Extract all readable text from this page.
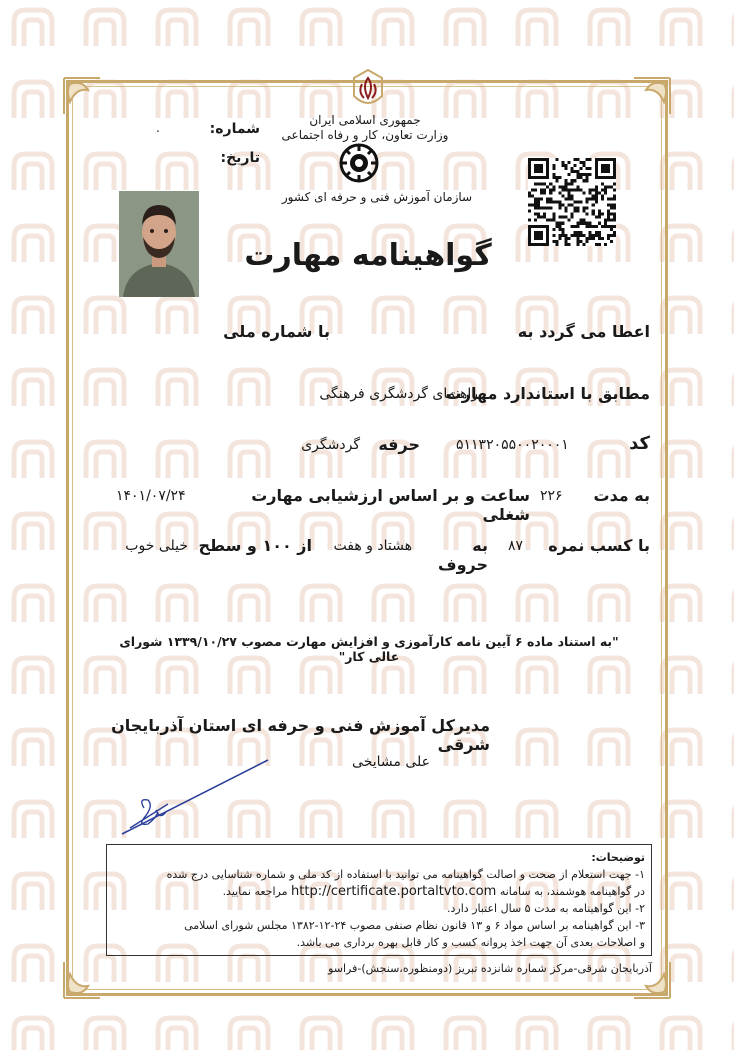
جمهوری اسلامی ایران
وزارت تعاون، کار و رفاه اجتماعی
شماره:
.
تاریخ:
سازمان آموزش فنی و حرفه ای کشور
گواهینامه مهارت
اعطا می گردد به
با شماره ملی
مطابق با استاندارد مهارت
راهنمای گردشگری فرهنگی
کد
۵۱۱۳۲۰۵۵۰۰۲۰۰۰۱
حرفه
گردشگری
به مدت
۲۲۶
ساعت و بر اساس ارزشیابی مهارت شغلی
۱۴۰۱/۰۷/۲۴
با کسب نمره
۸۷
به حروف
هشتاد و هفت
از ۱۰۰ و سطح
خیلی خوب
"به استناد ماده ۶ آیین نامه کارآموزی و افزایش مهارت مصوب ۱۳۳۹/۱۰/۲۷ شورای عالی کار"
مدیرکل آموزش فنی و حرفه ای استان آذربایجان شرقی
علی مشایخی
توضیحات:
۱- جهت استعلام از صحت و اصالت گواهینامه می توانید با استفاده از کد ملی و شماره شناسایی درج شده
در گواهینامه هوشمند، به سامانه http://certificate.portaltvto.com مراجعه نمایید.
۲- این گواهینامه به مدت ۵ سال اعتبار دارد.
۳- این گواهینامه بر اساس مواد ۶ و ۱۳ قانون نظام صنفی مصوب ۲۴-۱۲-۱۳۸۲ مجلس شورای اسلامی
و اصلاحات بعدی آن جهت اخذ پروانه کسب و کار قابل بهره برداری می باشد.
آذربایجان شرقی-مرکز شماره شانزده تبریز (دومنظوره،سنجش)-فراسو
